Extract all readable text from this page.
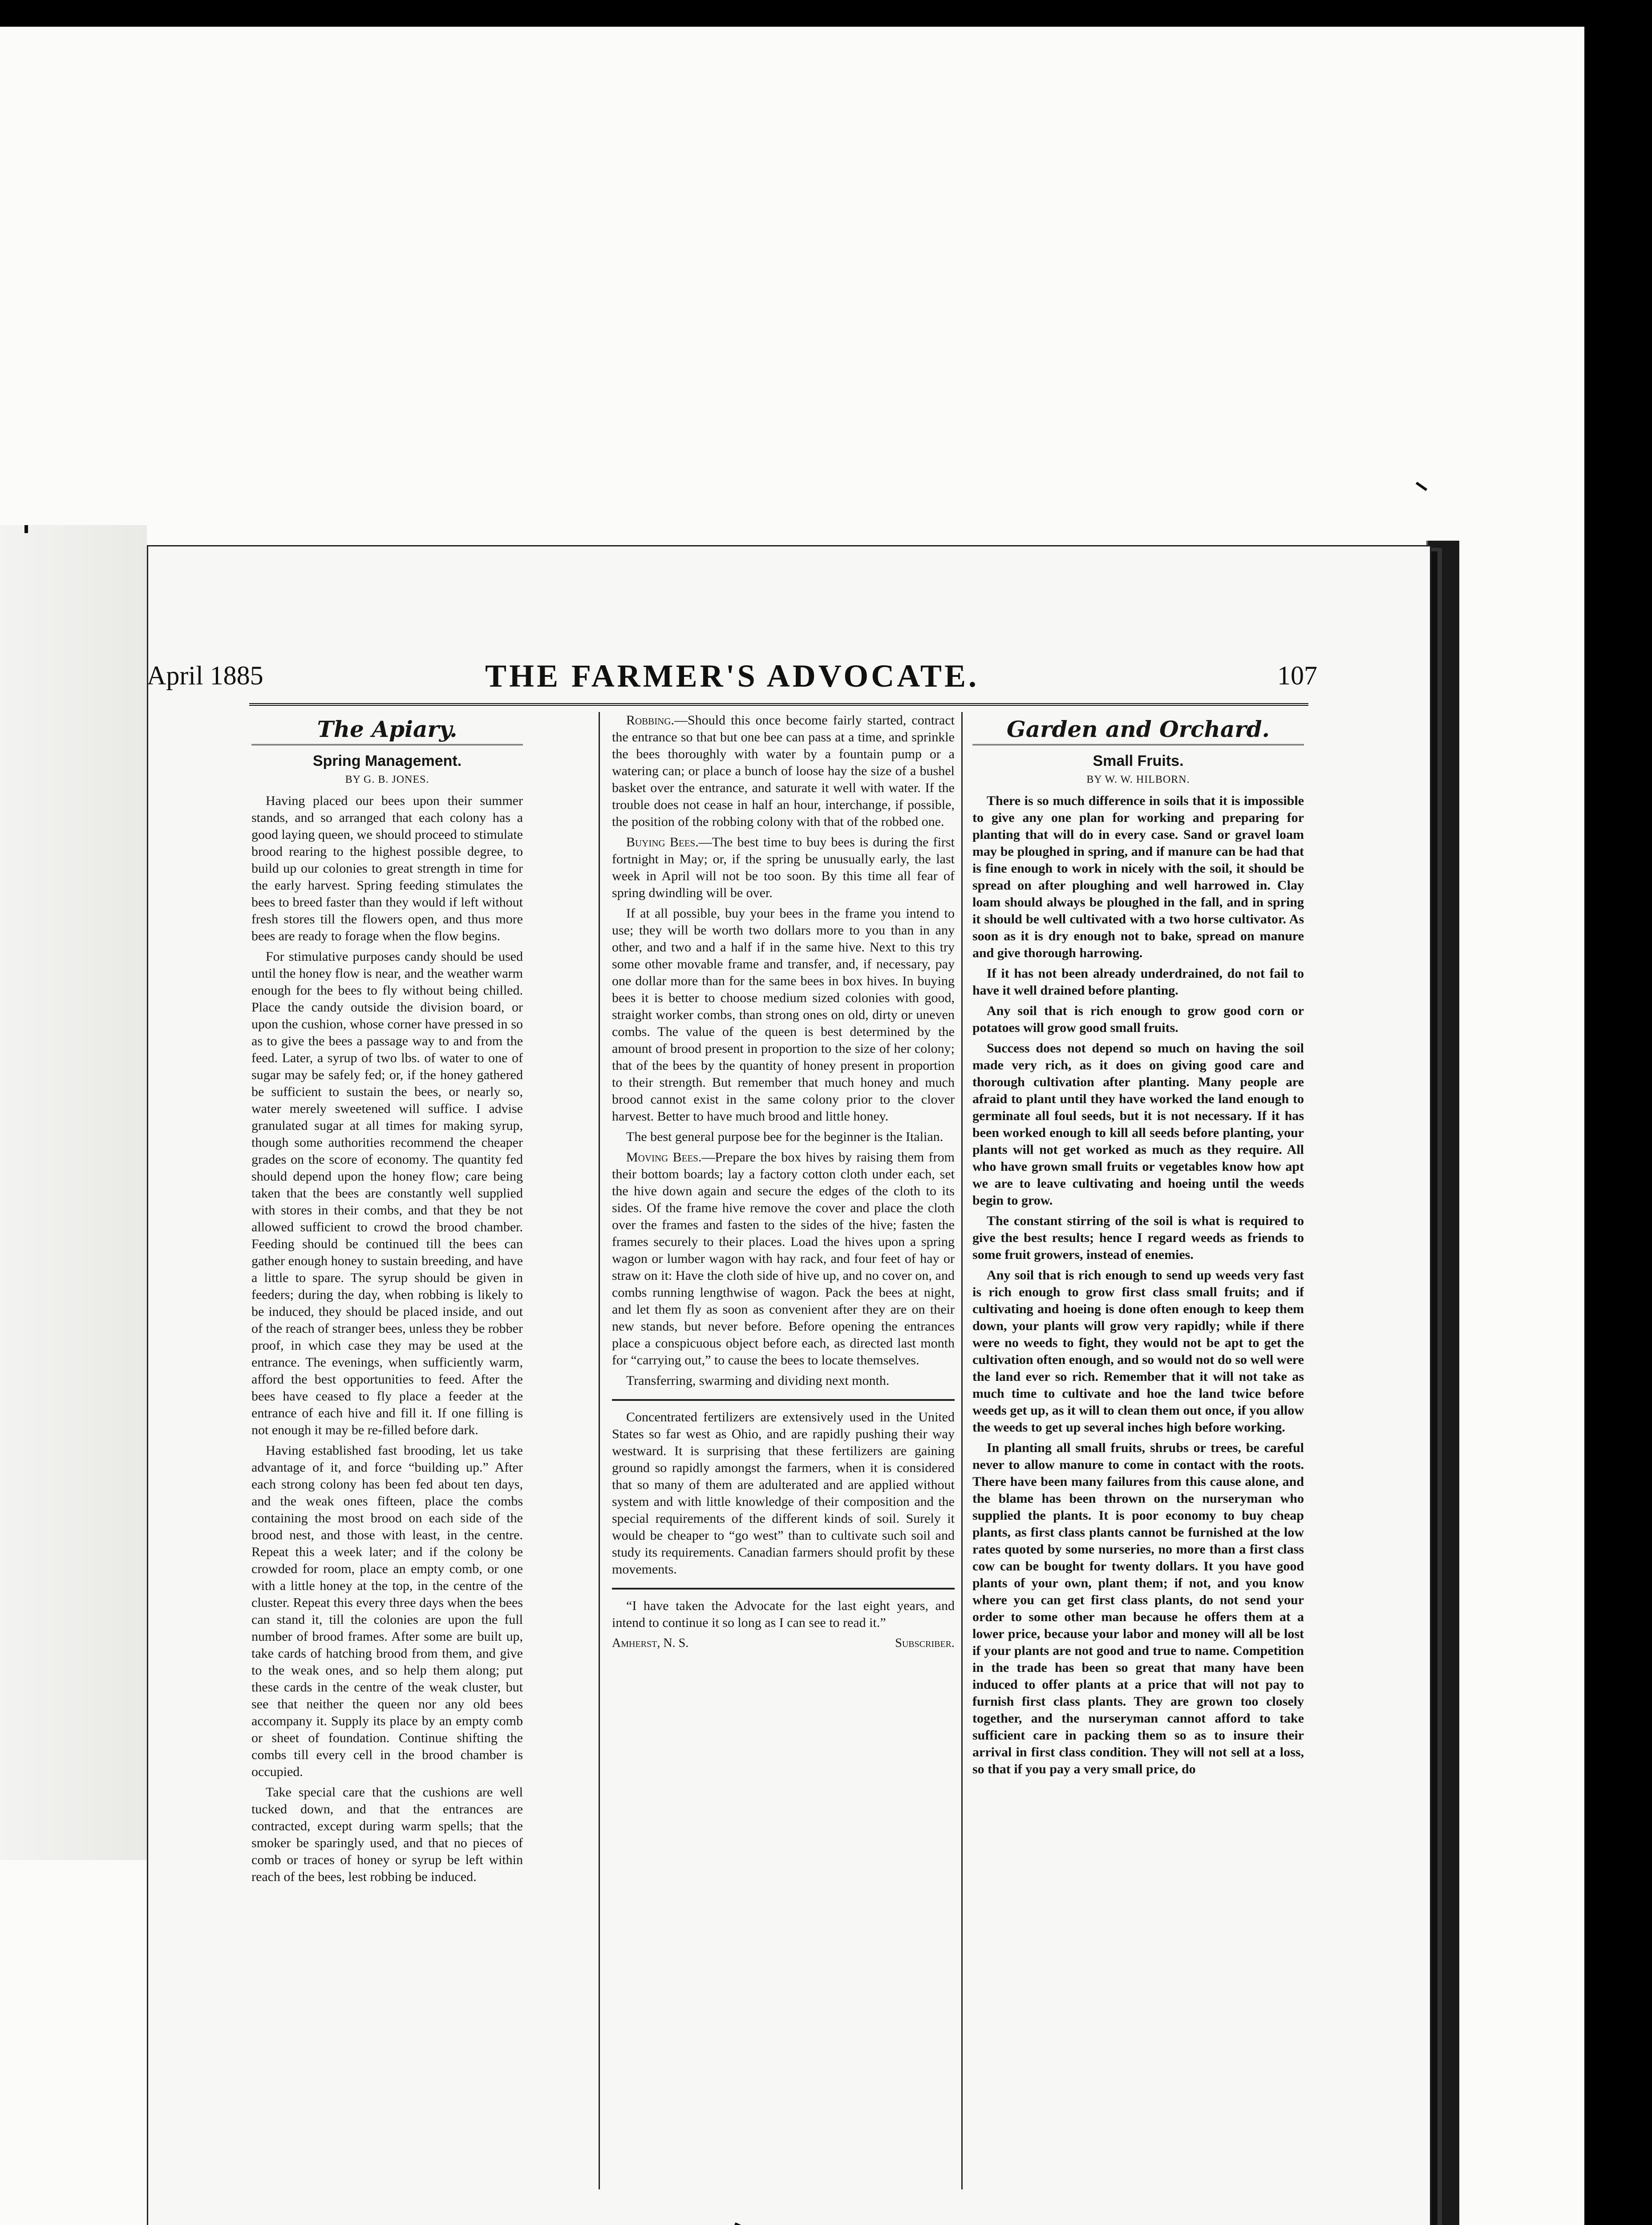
April 1885	THE FARMER'S ADVOCATE.	107
The Apiary.
Spring Management.
BY G. B. JONES.

Having placed our bees upon their summer stands, and so arranged that each colony has a good laying queen, we should proceed to stimulate brood rearing to the highest possible degree, to build up our colonies to great strength in time for the early harvest. Spring feeding stimulates the bees to breed faster than they would if left without fresh stores till the flowers open, and thus more bees are ready to forage when the flow begins.

For stimulative purposes candy should be used until the honey flow is near, and the weather warm enough for the bees to fly without being chilled. Place the candy outside the division board, or upon the cushion, whose corner have pressed in so as to give the bees a passage way to and from the feed. Later, a syrup of two lbs. of water to one of sugar may be safely fed; or, if the honey gathered be sufficient to sustain the bees, or nearly so, water merely sweetened will suffice. I advise granulated sugar at all times for making syrup, though some authorities recommend the cheaper grades on the score of economy. The quantity fed should depend upon the honey flow; care being taken that the bees are constantly well supplied with stores in their combs, and that they be not allowed sufficient to crowd the brood chamber. Feeding should be continued till the bees can gather enough honey to sustain breeding, and have a little to spare. The syrup should be given in feeders; during the day, when robbing is likely to be induced, they should be placed inside, and out of the reach of stranger bees, unless they be robber proof, in which case they may be used at the entrance. The evenings, when sufficiently warm, afford the best opportunities to feed. After the bees have ceased to fly place a feeder at the entrance of each hive and fill it. If one filling is not enough it may be re-filled before dark.

Having established fast brooding, let us take advantage of it, and force “building up.” After each strong colony has been fed about ten days, and the weak ones fifteen, place the combs containing the most brood on each side of the brood nest, and those with least, in the centre. Repeat this a week later; and if the colony be crowded for room, place an empty comb, or one with a little honey at the top, in the centre of the cluster. Repeat this every three days when the bees can stand it, till the colonies are upon the full number of brood frames. After some are built up, take cards of hatching brood from them, and give to the weak ones, and so help them along; put these cards in the centre of the weak cluster, but see that neither the queen nor any old bees accompany it. Supply its place by an empty comb or sheet of foundation. Continue shifting the combs till every cell in the brood chamber is occupied.

Take special care that the cushions are well tucked down, and that the entrances are contracted, except during warm spells; that the smoker be sparingly used, and that no pieces of comb or traces of honey or syrup be left within reach of the bees, lest robbing be induced.

Robbing.—Should this once become fairly started, contract the entrance so that but one bee can pass at a time, and sprinkle the bees thoroughly with water by a fountain pump or a watering can; or place a bunch of loose hay the size of a bushel basket over the entrance, and saturate it well with water. If the trouble does not cease in half an hour, interchange, if possible, the position of the robbing colony with that of the robbed one.

Buying Bees.—The best time to buy bees is during the first fortnight in May; or, if the spring be unusually early, the last week in April will not be too soon. By this time all fear of spring dwindling will be over.

If at all possible, buy your bees in the frame you intend to use; they will be worth two dollars more to you than in any other, and two and a half if in the same hive. Next to this try some other movable frame and transfer, and, if necessary, pay one dollar more than for the same bees in box hives. In buying bees it is better to choose medium sized colonies with good, straight worker combs, than strong ones on old, dirty or uneven combs. The value of the queen is best determined by the amount of brood present in proportion to the size of her colony; that of the bees by the quantity of honey present in proportion to their strength. But remember that much honey and much brood cannot exist in the same colony prior to the clover harvest. Better to have much brood and little honey.

The best general purpose bee for the beginner is the Italian.

Moving Bees.—Prepare the box hives by raising them from their bottom boards; lay a factory cotton cloth under each, set the hive down again and secure the edges of the cloth to its sides. Of the frame hive remove the cover and place the cloth over the frames and fasten to the sides of the hive; fasten the frames securely to their places. Load the hives upon a spring wagon or lumber wagon with hay rack, and four feet of hay or straw on it: Have the cloth side of hive up, and no cover on, and combs running lengthwise of wagon. Pack the bees at night, and let them fly as soon as convenient after they are on their new stands, but never before. Before opening the entrances place a conspicuous object before each, as directed last month for “carrying out,” to cause the bees to locate themselves.

Transferring, swarming and dividing next month.

Concentrated fertilizers are extensively used in the United States so far west as Ohio, and are rapidly pushing their way westward. It is surprising that these fertilizers are gaining ground so rapidly amongst the farmers, when it is considered that so many of them are adulterated and are applied without system and with little knowledge of their composition and the special requirements of the different kinds of soil. Surely it would be cheaper to “go west” than to cultivate such soil and study its requirements. Canadian farmers should profit by these movements.

“I have taken the Advocate for the last eight years, and intend to continue it so long as I can see to read it.”

Amherst, N. S.	Subscriber.
Garden and Orchard.
Small Fruits.
BY W. W. HILBORN.

There is so much difference in soils that it is impossible to give any one plan for working and preparing for planting that will do in every case. Sand or gravel loam may be ploughed in spring, and if manure can be had that is fine enough to work in nicely with the soil, it should be spread on after ploughing and well harrowed in. Clay loam should always be ploughed in the fall, and in spring it should be well cultivated with a two horse cultivator. As soon as it is dry enough not to bake, spread on manure and give thorough harrowing.

If it has not been already underdrained, do not fail to have it well drained before planting.

Any soil that is rich enough to grow good corn or potatoes will grow good small fruits.

Success does not depend so much on having the soil made very rich, as it does on giving good care and thorough cultivation after planting. Many people are afraid to plant until they have worked the land enough to germinate all foul seeds, but it is not necessary. If it has been worked enough to kill all seeds before planting, your plants will not get worked as much as they require. All who have grown small fruits or vegetables know how apt we are to leave cultivating and hoeing until the weeds begin to grow.

The constant stirring of the soil is what is required to give the best results; hence I regard weeds as friends to some fruit growers, instead of enemies.

Any soil that is rich enough to send up weeds very fast is rich enough to grow first class small fruits; and if cultivating and hoeing is done often enough to keep them down, your plants will grow very rapidly; while if there were no weeds to fight, they would not be apt to get the cultivation often enough, and so would not do so well were the land ever so rich. Remember that it will not take as much time to cultivate and hoe the land twice before weeds get up, as it will to clean them out once, if you allow the weeds to get up several inches high before working.

In planting all small fruits, shrubs or trees, be careful never to allow manure to come in contact with the roots. There have been many failures from this cause alone, and the blame has been thrown on the nurseryman who supplied the plants. It is poor economy to buy cheap plants, as first class plants cannot be furnished at the low rates quoted by some nurseries, no more than a first class cow can be bought for twenty dollars. It you have good plants of your own, plant them; if not, and you know where you can get first class plants, do not send your order to some other man because he offers them at a lower price, because your labor and money will all be lost if your plants are not good and true to name. Competition in the trade has been so great that many have been induced to offer plants at a price that will not pay to furnish first class plants. They are grown too closely together, and the nurseryman cannot afford to take sufficient care in packing them so as to insure their arrival in first class condition. They will not sell at a loss, so that if you pay a very small price, do
